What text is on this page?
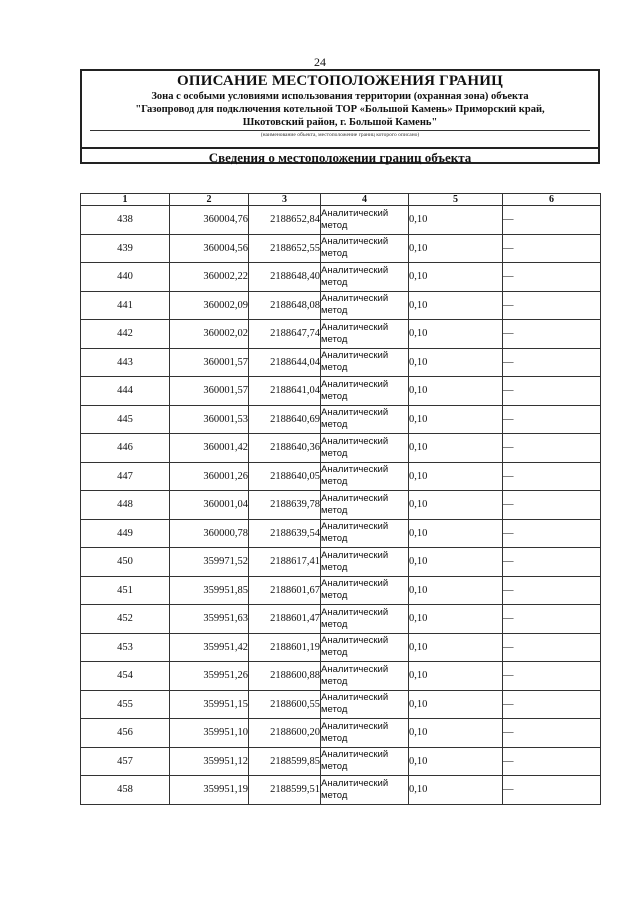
24
ОПИСАНИЕ МЕСТОПОЛОЖЕНИЯ ГРАНИЦ
Зона с особыми условиями использования территории (охранная зона) объекта
"Газопровод для подключения котельной ТОР «Большой Камень» Приморский край,
Шкотовский район, г. Большой Камень"
(наименование объекта, местоположение границ которого описано)
Сведения о местоположении границ объекта
1	2	3	4	5	6
438	360004,76	2188652,84	Аналитический метод	0,10	—
439	360004,56	2188652,55	Аналитический метод	0,10	—
440	360002,22	2188648,40	Аналитический метод	0,10	—
441	360002,09	2188648,08	Аналитический метод	0,10	—
442	360002,02	2188647,74	Аналитический метод	0,10	—
443	360001,57	2188644,04	Аналитический метод	0,10	—
444	360001,57	2188641,04	Аналитический метод	0,10	—
445	360001,53	2188640,69	Аналитический метод	0,10	—
446	360001,42	2188640,36	Аналитический метод	0,10	—
447	360001,26	2188640,05	Аналитический метод	0,10	—
448	360001,04	2188639,78	Аналитический метод	0,10	—
449	360000,78	2188639,54	Аналитический метод	0,10	—
450	359971,52	2188617,41	Аналитический метод	0,10	—
451	359951,85	2188601,67	Аналитический метод	0,10	—
452	359951,63	2188601,47	Аналитический метод	0,10	—
453	359951,42	2188601,19	Аналитический метод	0,10	—
454	359951,26	2188600,88	Аналитический метод	0,10	—
455	359951,15	2188600,55	Аналитический метод	0,10	—
456	359951,10	2188600,20	Аналитический метод	0,10	—
457	359951,12	2188599,85	Аналитический метод	0,10	—
458	359951,19	2188599,51	Аналитический метод	0,10	—
